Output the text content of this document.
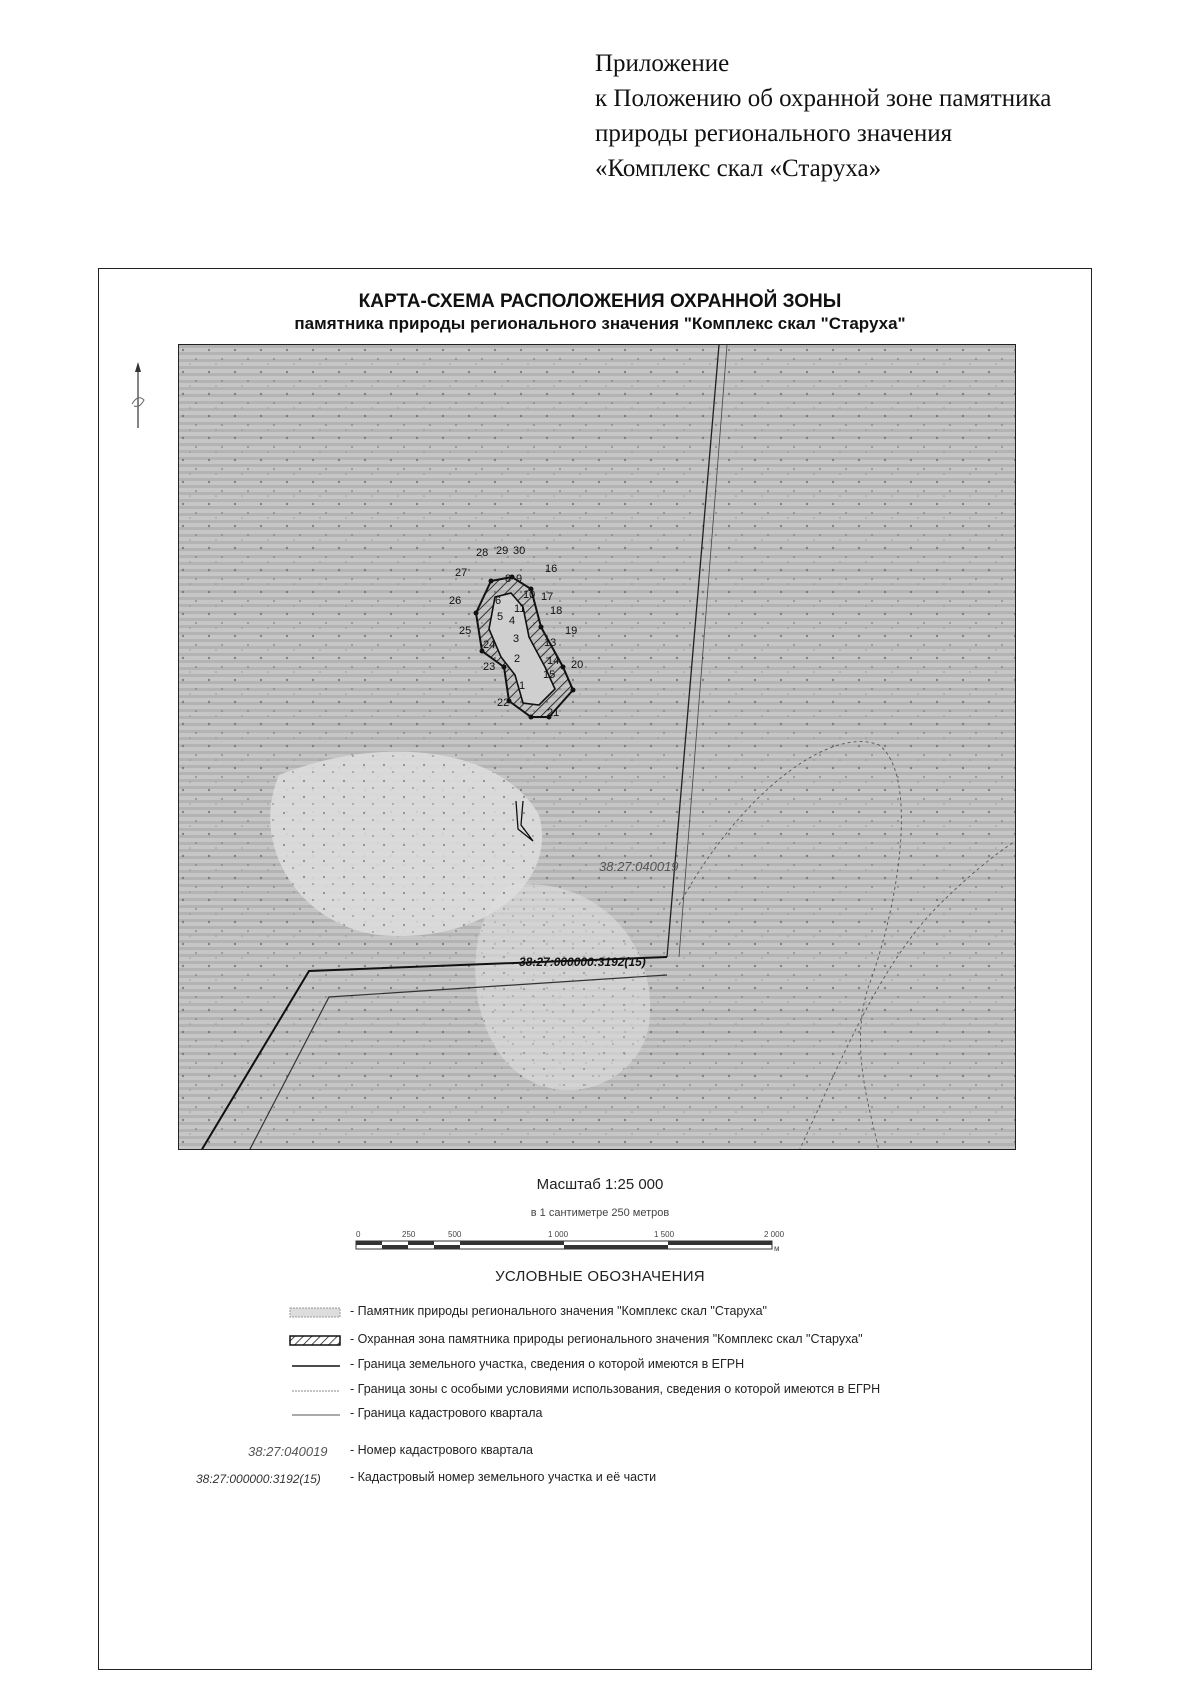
Приложение
к Положению об охранной зоне памятника
природы регионального значения
«Комплекс скал «Старуха»
КАРТА-СХЕМА РАСПОЛОЖЕНИЯ ОХРАННОЙ ЗОНЫ
памятника природы регионального значения "Комплекс скал "Старуха"
1
2
3
4
5
6
8 9
10
11
13
14
15
16
17
18
19
20
21
22
23
24
25
26
27
28 29 30
38:27:040019
38:27:000000:3192(15)
Масштаб 1:25 000
в 1 сантиметре 250 метров
0	250	500	1 000	1 500	2 000
м
УСЛОВНЫЕ ОБОЗНАЧЕНИЯ
- Памятник природы регионального значения "Комплекс скал "Старуха"
- Охранная зона памятника природы регионального значения "Комплекс скал "Старуха"
- Граница земельного участка, сведения о которой имеются в ЕГРН
- Граница зоны с особыми условиями использования, сведения о которой имеются в ЕГРН
- Граница кадастрового квартала
38:27:040019 - Номер кадастрового квартала
38:27:000000:3192(15) - Кадастровый номер земельного участка и её части
